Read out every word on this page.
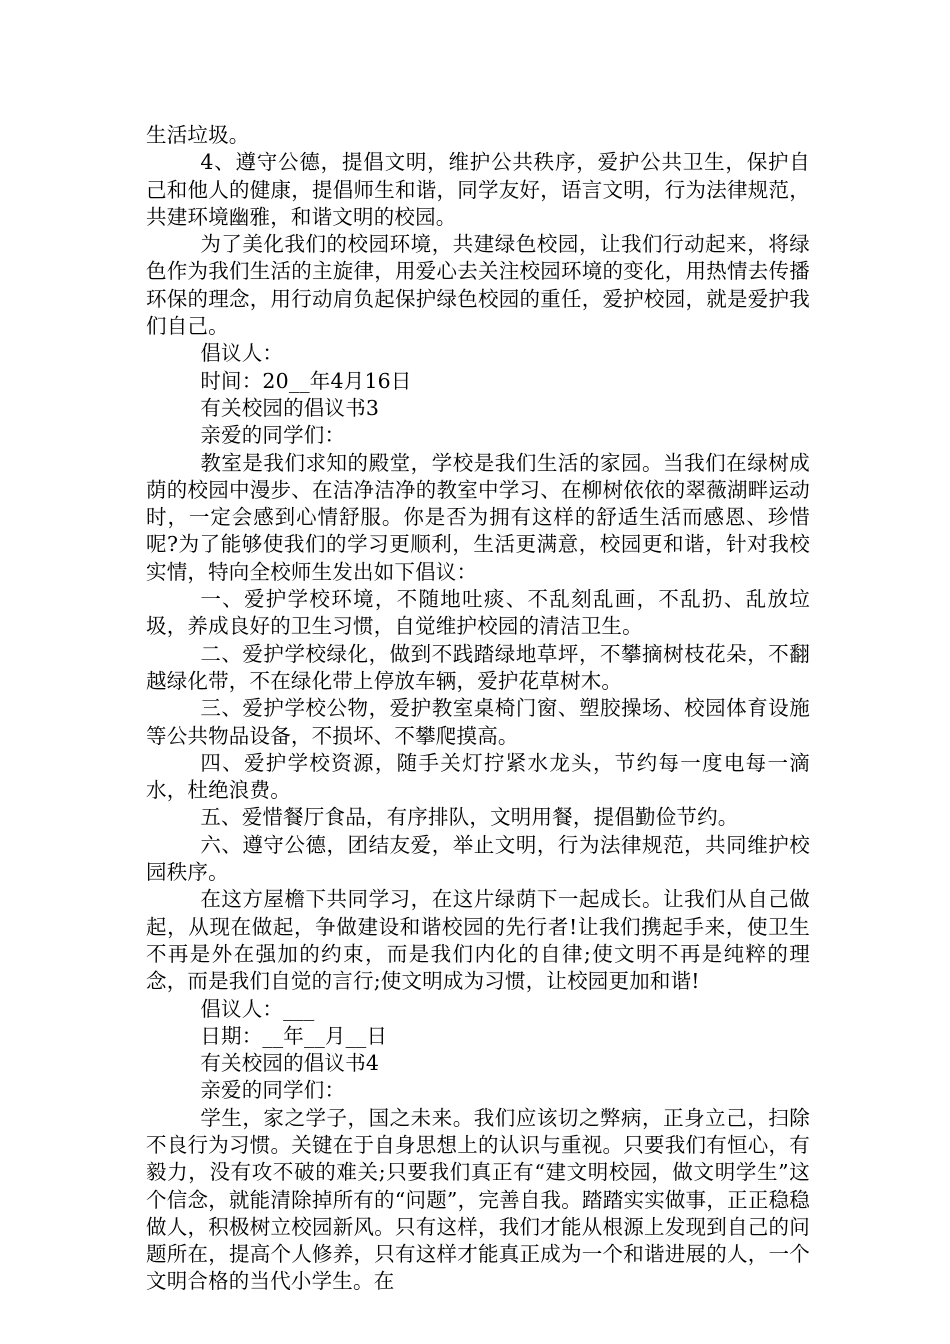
生活垃圾。

4、遵守公德，提倡文明，维护公共秩序，爱护公共卫生，保护自己和他人的健康，提倡师生和谐，同学友好，语言文明，行为法律规范，共建环境幽雅，和谐文明的校园。

为了美化我们的校园环境，共建绿色校园，让我们行动起来，将绿色作为我们生活的主旋律，用爱心去关注校园环境的变化，用热情去传播环保的理念，用行动肩负起保护绿色校园的重任，爱护校园，就是爱护我们自己。

倡议人：

时间：20__年4月16日

有关校园的倡议书3

亲爱的同学们：

教室是我们求知的殿堂，学校是我们生活的家园。当我们在绿树成荫的校园中漫步、在洁净洁净的教室中学习、在柳树依依的翠薇湖畔运动时，一定会感到心情舒服。你是否为拥有这样的舒适生活而感恩、珍惜呢?为了能够使我们的学习更顺利，生活更满意，校园更和谐，针对我校实情，特向全校师生发出如下倡议：

一、爱护学校环境，不随地吐痰、不乱刻乱画，不乱扔、乱放垃圾，养成良好的卫生习惯，自觉维护校园的清洁卫生。

二、爱护学校绿化，做到不践踏绿地草坪，不攀摘树枝花朵，不翻越绿化带，不在绿化带上停放车辆，爱护花草树木。

三、爱护学校公物，爱护教室桌椅门窗、塑胶操场、校园体育设施等公共物品设备，不损坏、不攀爬摸高。

四、爱护学校资源，随手关灯拧紧水龙头，节约每一度电每一滴水，杜绝浪费。

五、爱惜餐厅食品，有序排队，文明用餐，提倡勤俭节约。

六、遵守公德，团结友爱，举止文明，行为法律规范，共同维护校园秩序。

在这方屋檐下共同学习，在这片绿荫下一起成长。让我们从自己做起，从现在做起，争做建设和谐校园的先行者!让我们携起手来，使卫生不再是外在强加的约束，而是我们内化的自律;使文明不再是纯粹的理念，而是我们自觉的言行;使文明成为习惯，让校园更加和谐!

倡议人：___

日期：__年__月__日

有关校园的倡议书4

亲爱的同学们：

学生，家之学子，国之未来。我们应该切之弊病，正身立己，扫除不良行为习惯。关键在于自身思想上的认识与重视。只要我们有恒心，有毅力，没有攻不破的难关;只要我们真正有“建文明校园，做文明学生”这个信念，就能清除掉所有的“问题”，完善自我。踏踏实实做事，正正稳稳做人，积极树立校园新风。只有这样，我们才能从根源上发现到自己的问题所在，提高个人修养，只有这样才能真正成为一个和谐进展的人，一个文明合格的当代小学生。在
